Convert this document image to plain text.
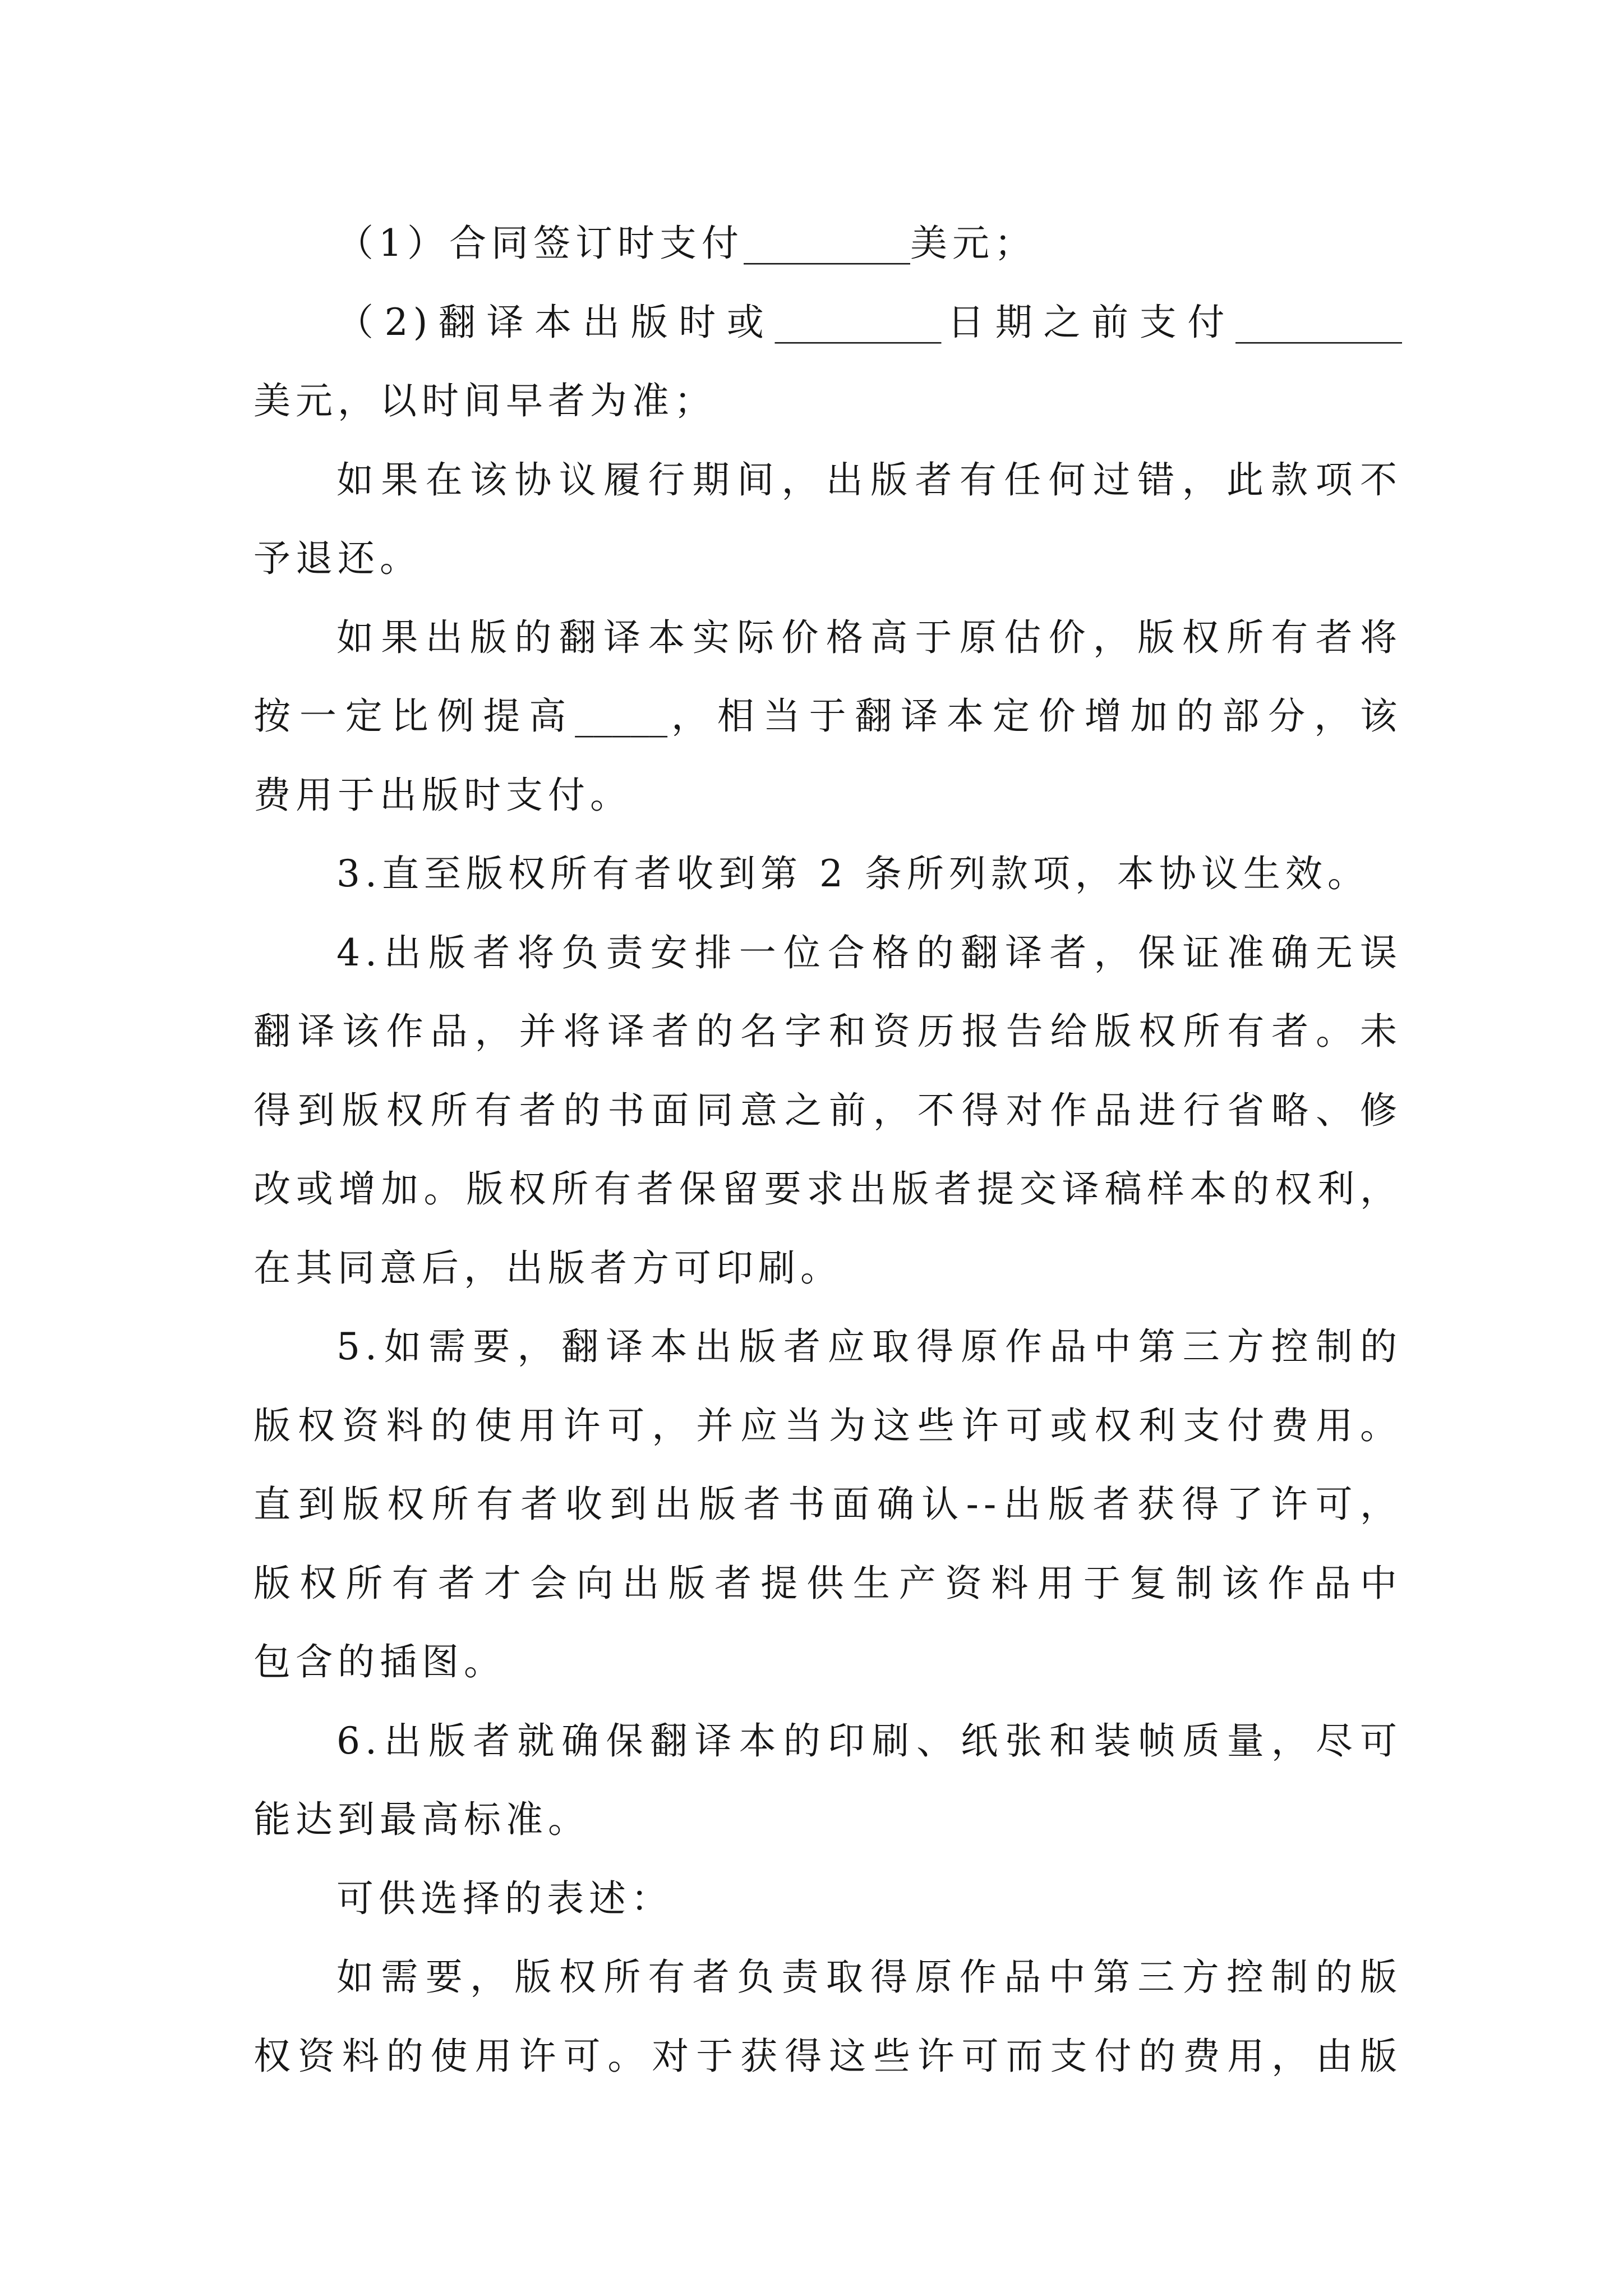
（1）合同签订时支付_________美元；
（2)翻译本出版时或_________日期之前支付_________
美元，以时间早者为准；
如果在该协议履行期间，出版者有任何过错，此款项不
予退还。
如果出版的翻译本实际价格高于原估价，版权所有者将
按一定比例提高_____，相当于翻译本定价增加的部分，该
费用于出版时支付。
3.直至版权所有者收到第 2 条所列款项，本协议生效。
4.出版者将负责安排一位合格的翻译者，保证准确无误
翻译该作品，并将译者的名字和资历报告给版权所有者。未
得到版权所有者的书面同意之前，不得对作品进行省略、修
改或增加。版权所有者保留要求出版者提交译稿样本的权利，
在其同意后，出版者方可印刷。
5.如需要，翻译本出版者应取得原作品中第三方控制的
版权资料的使用许可，并应当为这些许可或权利支付费用。
直到版权所有者收到出版者书面确认--出版者获得了许可，
版权所有者才会向出版者提供生产资料用于复制该作品中
包含的插图。
6.出版者就确保翻译本的印刷、纸张和装帧质量，尽可
能达到最高标准。
可供选择的表述：
如需要，版权所有者负责取得原作品中第三方控制的版
权资料的使用许可。对于获得这些许可而支付的费用，由版
